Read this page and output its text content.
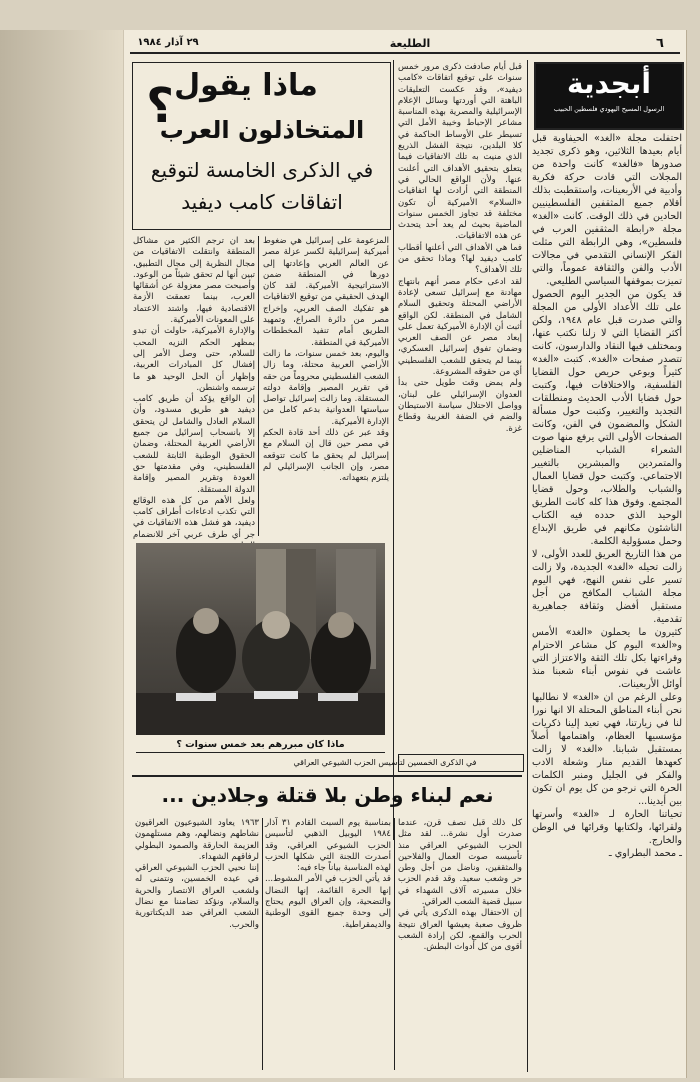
٦
الطليعة
٢٩ آذار ١٩٨٤
أبجدية
الرسول المسيح اليهودي فلسطين الحبيب
احتفلت مجلة «الغد» الحيفاوية قبل أيام بعيدها الثلاثين، وهو ذكرى تجديد صدورها «فالغد» كانت واحدة من المجلات التي قادت حركة فكرية وأدبية في الأربعينات، واستقطبت بذلك أقلام جميع المثقفين الفلسطينيين الحادين في ذلك الوقت. كانت «الغد» مجلة «رابطة المثقفين العرب في فلسطين»، وهي الرابطة التي مثلت الفكر الإنساني التقدمي في مجالات الأدب والفن والثقافة عموماً، والتي تميزت بموقفها السياسي الطليعي.
قد يكون من الجدير اليوم الحصول على تلك الأعداد الأولى من المجلة والتي صدرت قبل عام ١٩٤٨، ولكن أكثر القضايا التي لا زلنا نكتب عنها، وبمختلف فيها النقاد والدارسون، كانت تتصدر صفحات «الغد». كتبت «الغد» كثيراً وبوعي حريص حول القضايا الفلسفية، والاختلافات فيها، وكتبت حول قضايا الأدب الحديث ومنطلقات التجديد والتغيير، وكتبت حول مسألة الشكل والمضمون في الفن، وكانت الصفحات الأولى التي يرفع منها صوت الشعراء الشباب المناضلين والمتمردين والمبشرين بالتغيير الاجتماعي. وكتبت حول قضايا العمال والشباب والطلاب، وحول قضايا المجتمع. وفوق هذا كله كانت الطريق الوحيد الذي حدده فيه الكتاب الناشئون مكانهم في طريق الإبداع وحمل مسؤولية الكلمة.
من هذا التاريخ العريق للعدد الأولى، لا زالت تحيله «الغد» الجديدة، ولا زالت تسير على نفس النهج، فهي اليوم مجلة الشباب المكافح من أجل مستقبل أفضل وثقافة جماهيرية تقدمية.
كثيرون ما يحملون «الغد» الأمس و«الغد» اليوم كل مشاعر الاحترام وقراءتها بكل تلك الثقة والاعتزاز التي عاشت في نفوس أبناء شعبنا منذ أوائل الأربعينات.
وعلى الرغم من ان «الغد» لا نطالبها نحن أبناء المناطق المحتلة الا انها نورا لنا في زيارتنا، فهي تعيد إلينا ذكريات مؤسسيها العظام، واهتمامها أصلاً بمستقبل شبابنا. «الغد» لا زالت كعهدها القديم منار وشعلة الادب والفكر في الجليل ومنبر الكلمات الحرة التي نرجو من كل يوم ان تكون بين أيدينا...
تحياتنا الحارة لـ «الغد» وأسرتها ولقرائها، ولكتابها وقرائها في الوطن والخارج.
ـ محمد البطراوي ـ
قبل أيام صادفت ذكرى مرور خمس سنوات على توقيع اتفاقات «كامب ديفيد»، وقد عكست التعليقات الباهتة التي أوردتها وسائل الإعلام الإسرائيلية والمصرية بهذه المناسبة مشاعر الإحباط وخيبة الأمل التي تسيطر على الأوساط الحاكمة في كلا البلدين، نتيجة الفشل الذريع الذي منيت به تلك الاتفاقيات فيما يتعلق بتحقيق الأهداف التي أعلنت عنها. ولأن الواقع الحالي في المنطقة التي أرادت لها اتفاقيات «السلام» الأميركية أن تكون مختلفة قد تجاوز الخمس سنوات الماضية بحيث لم يعد أحد يتحدث عن هذه الاتفاقيات.
فما هي الأهداف التي أعلنها أقطاب كامب ديفيد لها؟ وماذا تحقق من تلك الأهداف؟
لقد ادعى حكام مصر أنهم بانتهاج مهادنة مع إسرائيل تسعى لإعادة الأراضي المحتلة وتحقيق السلام الشامل في المنطقة. لكن الواقع أثبت أن الإدارة الأميركية تعمل على إبعاد مصر عن الصف العربي وضمان تفوق إسرائيل العسكري، بينما لم يتحقق للشعب الفلسطيني أي من حقوقه المشروعة.
ولم يمض وقت طويل حتى بدأ العدوان الإسرائيلي على لبنان، وواصل الاحتلال سياسة الاستيطان والضم في الضفة الغربية وقطاع غزة.
ماذا يقول
؟
المتخاذلون العرب
في الذكرى الخامسة لتوقيع
اتفاقات كامب ديفيد
المزعومة على إسرائيل هي ضغوط أميركية إسرائيلية لكسر عزلة مصر عن العالم العربي وإعادتها إلى دورها في المنطقة ضمن الاستراتيجية الأميركية. لقد كان الهدف الحقيقي من توقيع الاتفاقيات هو تفكيك الصف العربي، وإخراج مصر من دائرة الصراع، وتمهيد الطريق أمام تنفيذ المخططات الأميركية في المنطقة.
واليوم، بعد خمس سنوات، ما زالت الأراضي العربية محتلة، وما زال الشعب الفلسطيني محروماً من حقه في تقرير المصير وإقامة دولته المستقلة. وما زالت إسرائيل تواصل سياستها العدوانية بدعم كامل من الإدارة الأميركية.
وقد عبر عن ذلك أحد قادة الحكم في مصر حين قال إن السلام مع إسرائيل لم يحقق ما كانت تتوقعه مصر، وإن الجانب الإسرائيلي لم يلتزم بتعهداته.
بعد ان ترجم الكثير من مشاكل المنطقة وانتقلت الاتفاقيات من مجال النظرية إلى مجال التطبيق، تبين أنها لم تحقق شيئاً من الوعود. وأصبحت مصر معزولة عن أشقائها العرب، بينما تعمقت الأزمة الاقتصادية فيها، واشتد الاعتماد على المعونات الأميركية.
والإدارة الأميركية، حاولت أن تبدو بمظهر الحكم النزيه المحب للسلام، حتى وصل الأمر إلى إفشال كل المبادرات العربية، وإظهار أن الحل الوحيد هو ما ترسمه واشنطن.
إن الواقع يؤكد أن طريق كامب ديفيد هو طريق مسدود، وأن السلام العادل والشامل لن يتحقق إلا بانسحاب إسرائيل من جميع الأراضي العربية المحتلة، وضمان الحقوق الوطنية الثابتة للشعب الفلسطيني، وفي مقدمتها حق العودة وتقرير المصير وإقامة الدولة المستقلة.
ولعل الأهم من كل هذه الوقائع التي تكذب ادعاءات أطراف كامب ديفيد، هو فشل هذه الاتفاقيات في جر أي طرف عربي آخر للانضمام
ماذا كان مبررهم بعد خمس سنوات ؟
في الذكرى الخمسين لتأسيس الحزب الشيوعي العراقي
نعم لبناء وطن بلا قتلة وجلادين ...
كل ذلك قبل نصف قرن، عندما صدرت أول نشرة... لقد مثل الحزب الشيوعي العراقي منذ تأسيسه صوت العمال والفلاحين والمثقفين، وناضل من أجل وطن حر وشعب سعيد. وقد قدم الحزب خلال مسيرته آلاف الشهداء في سبيل قضية الشعب العراقي.
إن الاحتفال بهذه الذكرى يأتي في ظروف صعبة يعيشها العراق نتيجة الحرب والقمع، لكن إرادة الشعب أقوى من كل أدوات البطش.
بمناسبة يوم السبت القادم ٣١ آذار ١٩٨٤ اليوبيل الذهبي لتأسيس الحزب الشيوعي العراقي، وقد أصدرت اللجنة التي شكلها الحزب لهذه المناسبة بياناً جاء فيه:
قد يأتي الحزب في الأمر المشوط... إنها الحرة القائمة، إنها النضال والتضحية، وإن العراق اليوم يحتاج إلى وحدة جميع القوى الوطنية والديمقراطية.
١٩٦٣ يعاود الشيوعيون العراقيون نشاطهم ونضالهم، وهم مستلهمون العزيمة الحارقة والصمود البطولي لرفاقهم الشهداء.
إننا نحيي الحزب الشيوعي العراقي في عيده الخمسين، ونتمنى له ولشعب العراق الانتصار والحرية والسلام، ونؤكد تضامننا مع نضال الشعب العراقي ضد الديكتاتورية والحرب.
